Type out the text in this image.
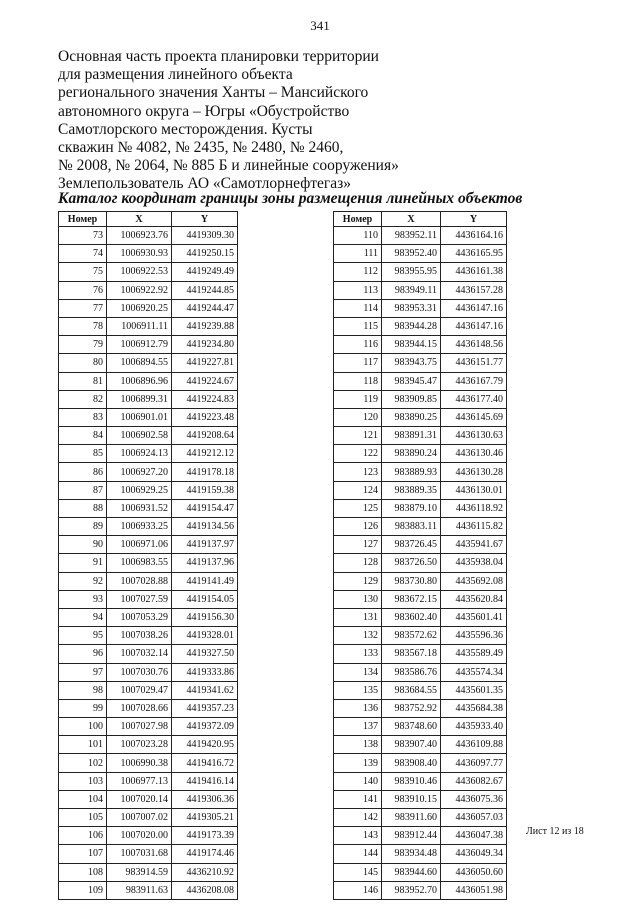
341
Основная часть проекта планировки территории
для размещения линейного объекта
регионального значения Ханты – Мансийского
автономного округа – Югры «Обустройство
Самотлорского месторождения. Кусты
скважин № 4082, № 2435, № 2480, № 2460,
№ 2008, № 2064, № 885 Б и линейные сооружения»
Землепользователь АО «Самотлорнефтегаз»
Каталог координат границы зоны размещения линейных объектов
Номер	X	Y
73	1006923.76	4419309.30
74	1006930.93	4419250.15
75	1006922.53	4419249.49
76	1006922.92	4419244.85
77	1006920.25	4419244.47
78	1006911.11	4419239.88
79	1006912.79	4419234.80
80	1006894.55	4419227.81
81	1006896.96	4419224.67
82	1006899.31	4419224.83
83	1006901.01	4419223.48
84	1006902.58	4419208.64
85	1006924.13	4419212.12
86	1006927.20	4419178.18
87	1006929.25	4419159.38
88	1006931.52	4419154.47
89	1006933.25	4419134.56
90	1006971.06	4419137.97
91	1006983.55	4419137.96
92	1007028.88	4419141.49
93	1007027.59	4419154.05
94	1007053.29	4419156.30
95	1007038.26	4419328.01
96	1007032.14	4419327.50
97	1007030.76	4419333.86
98	1007029.47	4419341.62
99	1007028.66	4419357.23
100	1007027.98	4419372.09
101	1007023.28	4419420.95
102	1006990.38	4419416.72
103	1006977.13	4419416.14
104	1007020.14	4419306.36
105	1007007.02	4419305.21
106	1007020.00	4419173.39
107	1007031.68	4419174.46
108	983914.59	4436210.92
109	983911.63	4436208.08
Номер	X	Y
110	983952.11	4436164.16
111	983952.40	4436165.95
112	983955.95	4436161.38
113	983949.11	4436157.28
114	983953.31	4436147.16
115	983944.28	4436147.16
116	983944.15	4436148.56
117	983943.75	4436151.77
118	983945.47	4436167.79
119	983909.85	4436177.40
120	983890.25	4436145.69
121	983891.31	4436130.63
122	983890.24	4436130.46
123	983889.93	4436130.28
124	983889.35	4436130.01
125	983879.10	4436118.92
126	983883.11	4436115.82
127	983726.45	4435941.67
128	983726.50	4435938.04
129	983730.80	4435692.08
130	983672.15	4435620.84
131	983602.40	4435601.41
132	983572.62	4435596.36
133	983567.18	4435589.49
134	983586.76	4435574.34
135	983684.55	4435601.35
136	983752.92	4435684.38
137	983748.60	4435933.40
138	983907.40	4436109.88
139	983908.40	4436097.77
140	983910.46	4436082.67
141	983910.15	4436075.36
142	983911.60	4436057.03
143	983912.44	4436047.38
144	983934.48	4436049.34
145	983944.60	4436050.60
146	983952.70	4436051.98
Лист 12 из 18
